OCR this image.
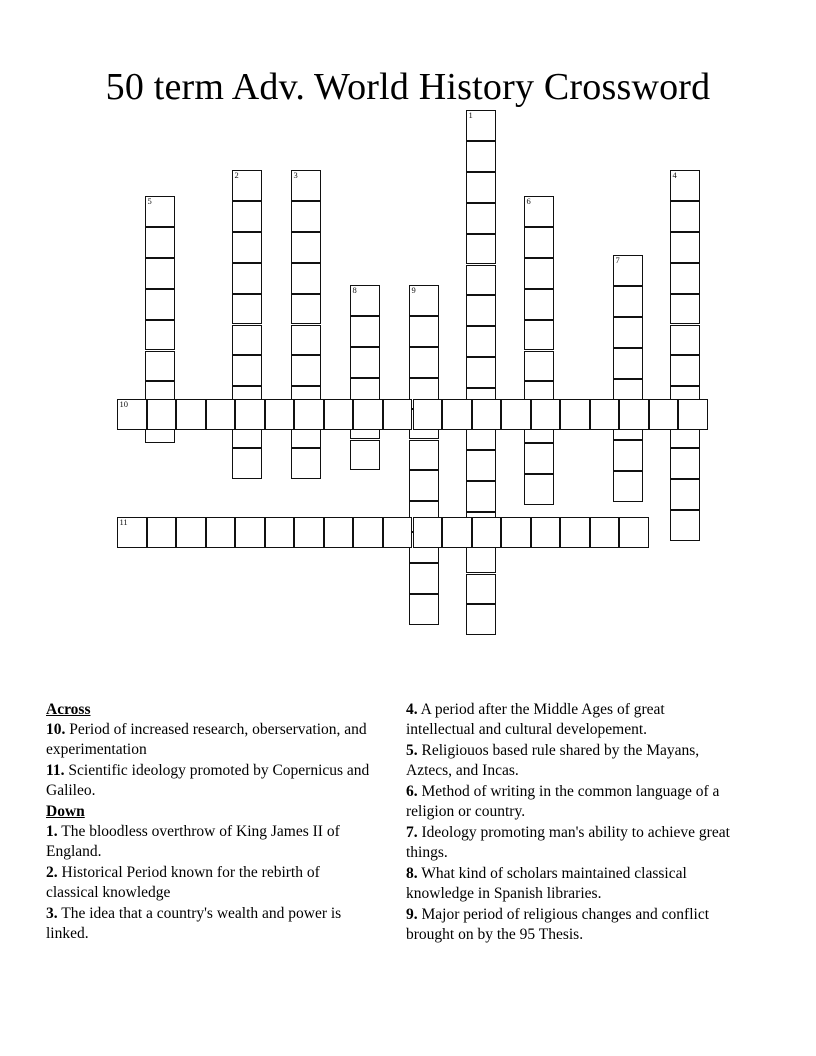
50 term Adv. World History Crossword
1
2	3	4
5	6
7
8	9
10
11
Across
10. Period of increased research, oberservation, and experimentation
11. Scientific ideology promoted by Copernicus and Galileo.
Down
1. The bloodless overthrow of King James II of England.
2. Historical Period known for the rebirth of classical knowledge
3. The idea that a country's wealth and power is linked.
4. A period after the Middle Ages of great intellectual and cultural developement.
5. Religiouos based rule shared by the Mayans, Aztecs, and Incas.
6. Method of writing in the common language of a religion or country.
7. Ideology promoting man's ability to achieve great things.
8. What kind of scholars maintained classical knowledge in Spanish libraries.
9. Major period of religious changes and conflict brought on by the 95 Thesis.
